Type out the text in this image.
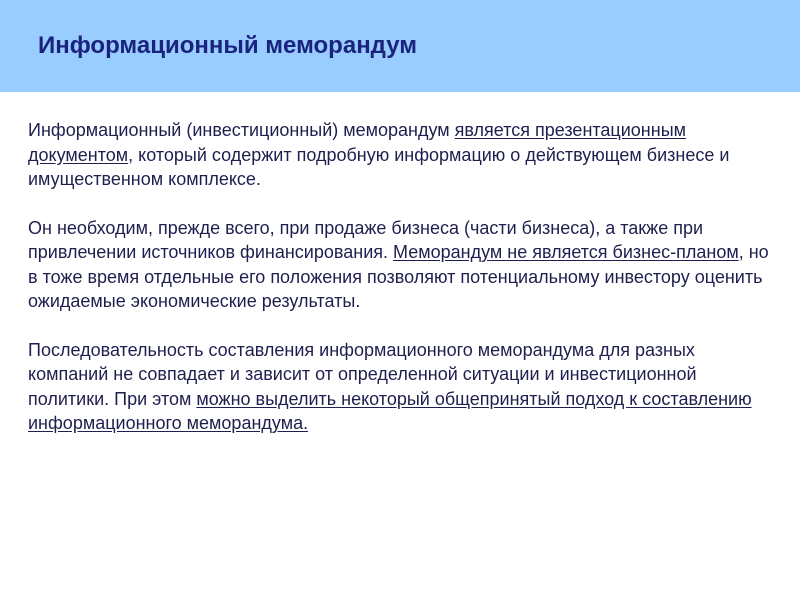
Информационный меморандум

Информационный (инвестиционный) меморандум является презентационным документом, который содержит подробную информацию о действующем бизнесе и имущественном комплексе.

Он необходим, прежде всего, при продаже бизнеса (части бизнеса), а также при привлечении источников финансирования. Меморандум не является бизнес-планом, но в тоже время отдельные его положения позволяют потенциальному инвестору оценить ожидаемые экономические результаты.

Последовательность составления информационного меморандума для разных компаний не совпадает и зависит от определенной ситуации и инвестиционной политики. При этом можно выделить некоторый общепринятый подход к составлению информационного меморандума.
